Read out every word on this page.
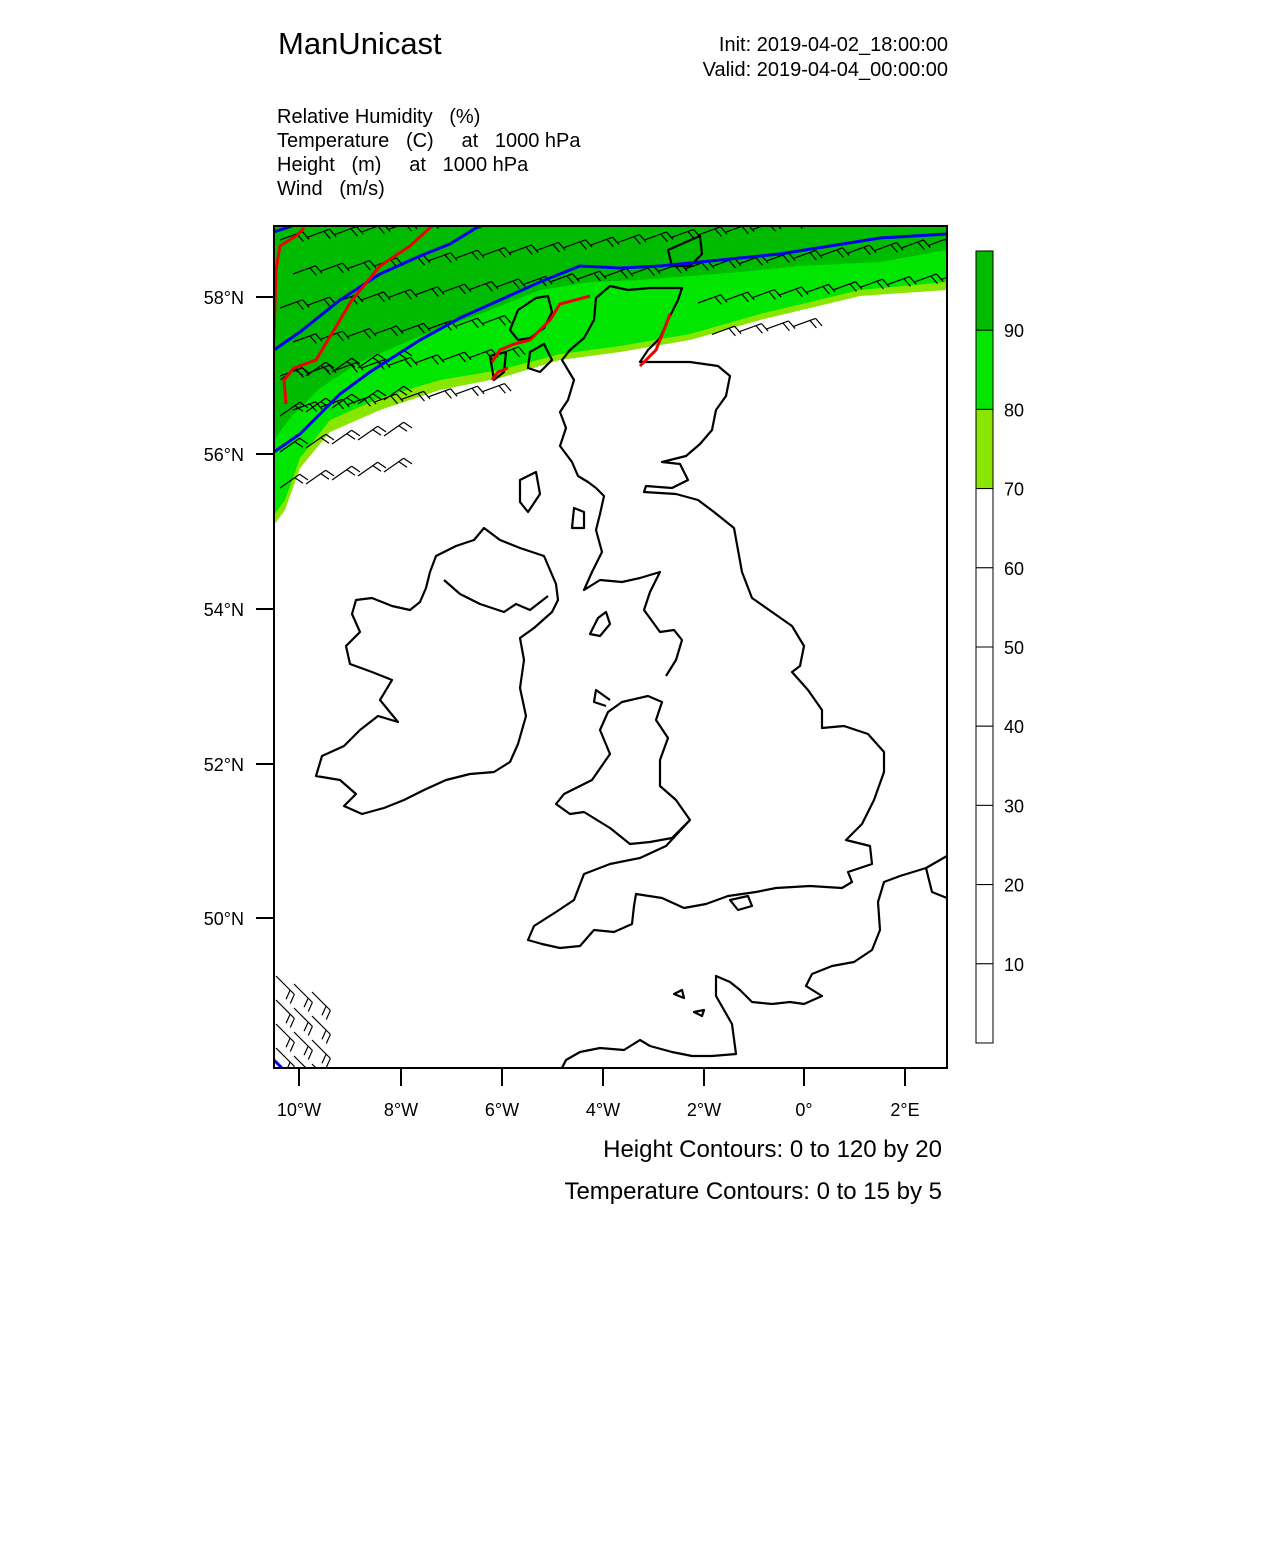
ManUnicast	Init: 2019-04-02_18:00:00
Valid: 2019-04-04_00:00:00
Relative Humidity   (%)
Temperature   (C)     at   1000 hPa
Height   (m)     at   1000 hPa
Wind   (m/s)
58°N
56°N
54°N
52°N
50°N
10°W	8°W	6°W	4°W	2°W	0°	2°E
90
80
70
60
50
40
30
20
10
Height Contours: 0 to 120 by 20
Temperature Contours: 0 to 15 by 5
